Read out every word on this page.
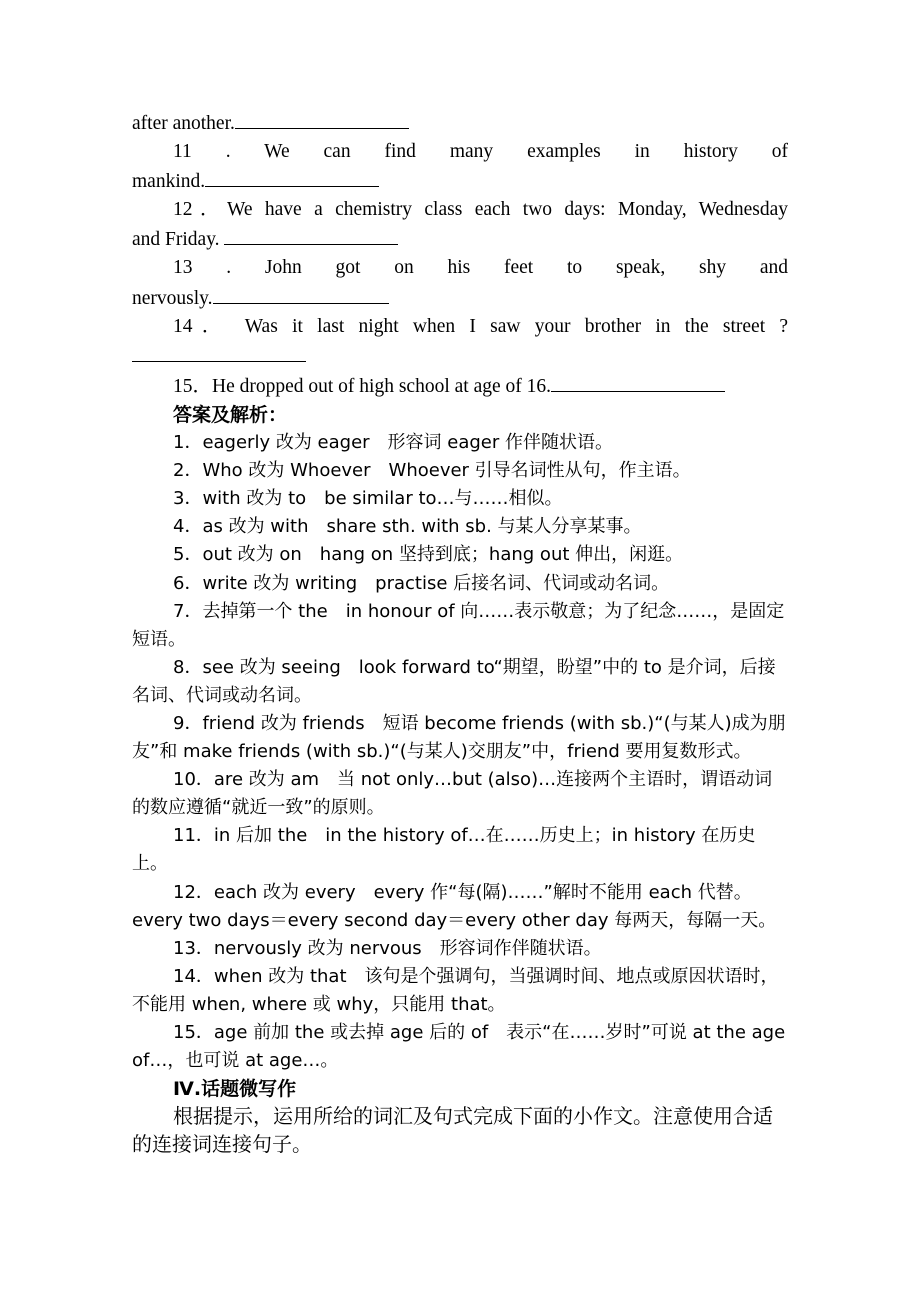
after another.

11 . We can find many examples in history of

mankind.

12．We have a chemistry class each two days: Monday, Wednesday

and Friday.

13 . John got on his feet to speak, shy and

nervously.

14． Was it last night when I saw your brother in the street ?

15．He dropped out of high school at age of 16.

答案及解析：

1．eagerly 改为 eager　形容词 eager 作伴随状语。

2．Who 改为 Whoever　Whoever 引导名词性从句，作主语。

3．with 改为 to　be similar to…与……相似。

4．as 改为 with　share sth. with sb. 与某人分享某事。

5．out 改为 on　hang on 坚持到底；hang out 伸出，闲逛。

6．write 改为 writing　practise 后接名词、代词或动名词。

7．去掉第一个 the　in honour of 向……表示敬意；为了纪念……，是固定短语。

8．see 改为 seeing　look forward to“期望，盼望”中的 to 是介词，后接名词、代词或动名词。

9．friend 改为 friends　短语 become friends (with sb.)“(与某人)成为朋友”和 make friends (with sb.)“(与某人)交朋友”中，friend 要用复数形式。

10．are 改为 am　当 not only…but (also)…连接两个主语时，谓语动词的数应遵循“就近一致”的原则。

11．in 后加 the　in the history of…在……历史上；in history 在历史上。

12．each 改为 every　every 作“每(隔)……”解时不能用 each 代替。every two days＝every second day＝every other day 每两天，每隔一天。

13．nervously 改为 nervous　形容词作伴随状语。

14．when 改为 that　该句是个强调句，当强调时间、地点或原因状语时，不能用 when, where 或 why，只能用 that。

15．age 前加 the 或去掉 age 后的 of　表示“在……岁时”可说 at the age of…，也可说 at age…。

Ⅳ.话题微写作

根据提示，运用所给的词汇及句式完成下面的小作文。注意使用合适的连接词连接句子。
